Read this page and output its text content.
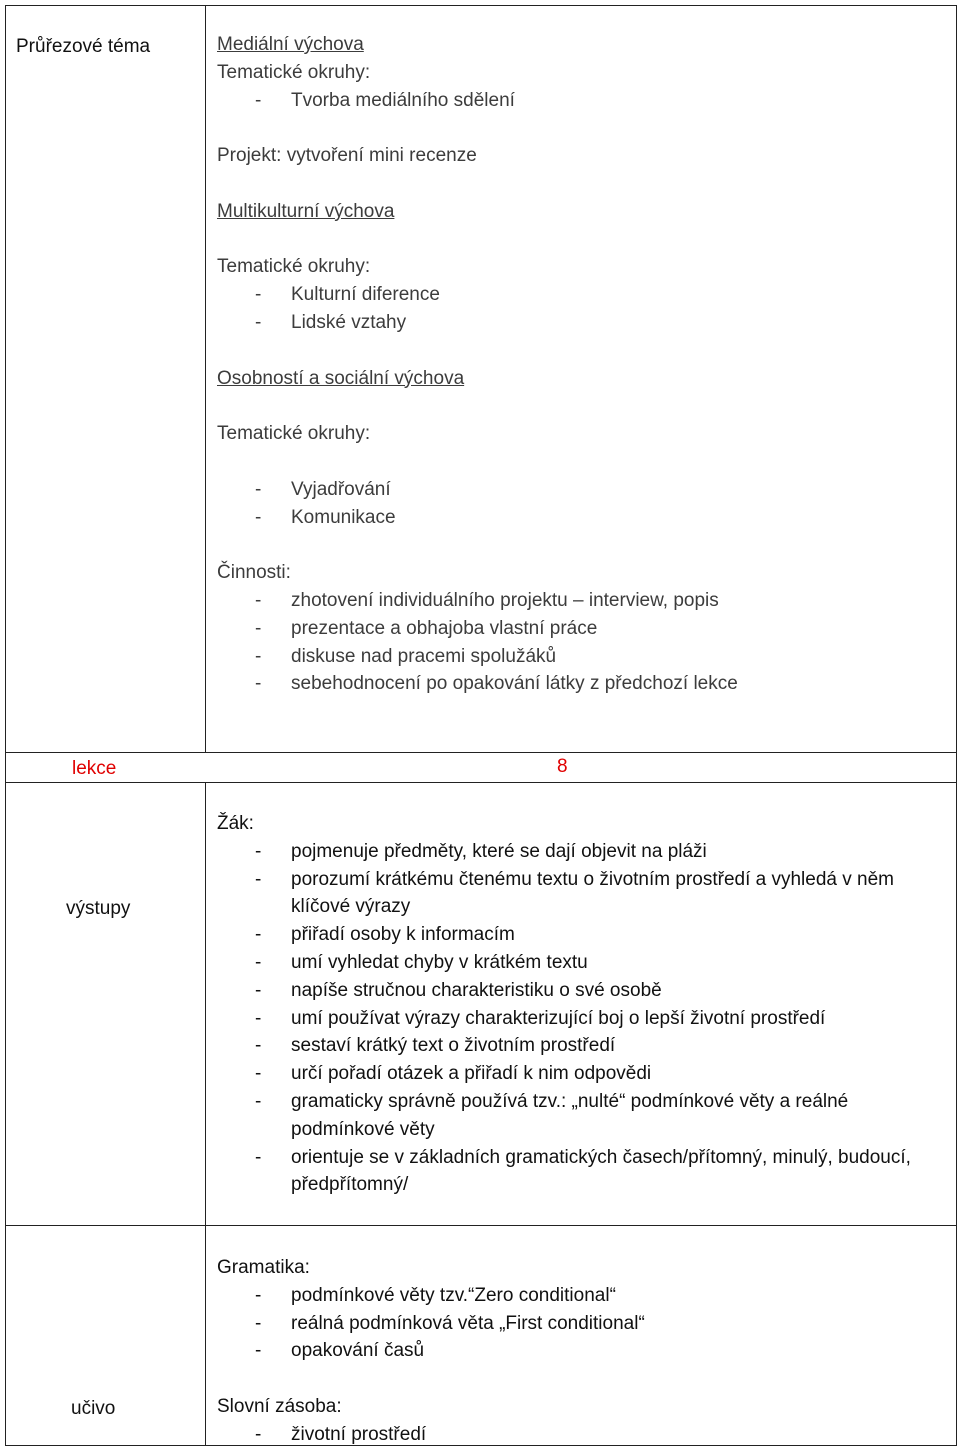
Průřezové téma	Mediální výchova
Tematické okruhy:
- Tvorba mediálního sdělení
Projekt: vytvoření mini recenze
Multikulturní výchova
Tematické okruhy:
- Kulturní diference
- Lidské vztahy
Osobností a sociální výchova
Tematické okruhy:
- Vyjadřování
- Komunikace
Činnosti:
- zhotovení individuálního projektu – interview, popis
- prezentace a obhajoba vlastní práce
- diskuse nad pracemi spolužáků
- sebehodnocení po opakování látky z předchozí lekce
lekce	8
výstupy
Žák:
- pojmenuje předměty, které se dají objevit na pláži
- porozumí krátkému čtenému textu o životním prostředí a vyhledá v něm klíčové výrazy
- přiřadí osoby k informacím
- umí vyhledat chyby v krátkém textu
- napíše stručnou charakteristiku o své osobě
- umí používat výrazy charakterizující boj o lepší životní prostředí
- sestaví krátký text o životním prostředí
- určí pořadí otázek a přiřadí k nim odpovědi
- gramaticky správně používá tzv.: „nulté“ podmínkové věty a reálné podmínkové věty
- orientuje se v základních gramatických časech/přítomný, minulý, budoucí, předpřítomný/
učivo
Gramatika:
- podmínkové věty tzv.“Zero conditional“
- reálná podmínková věta „First conditional“
- opakování časů
Slovní zásoba:
- životní prostředí
